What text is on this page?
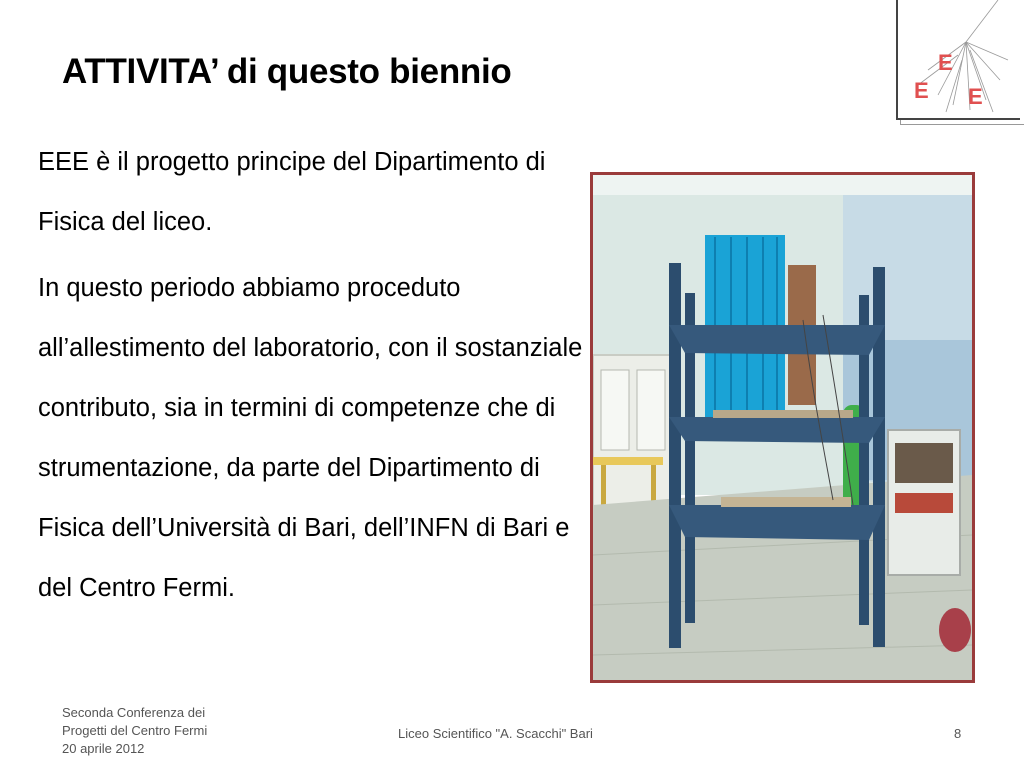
ATTIVITA’ di questo biennio

EEE è il progetto principe del Dipartimento di Fisica del liceo.

In questo periodo abbiamo proceduto all’allestimento del laboratorio, con il sostanziale contributo, sia in termini di competenze che di strumentazione, da parte del Dipartimento di Fisica dell’Università di Bari, dell’INFN di Bari e del Centro Fermi.

E
E E
Seconda Conferenza dei
Progetti del Centro Fermi
20 aprile 2012
Liceo Scientifico "A. Scacchi" Bari	8
